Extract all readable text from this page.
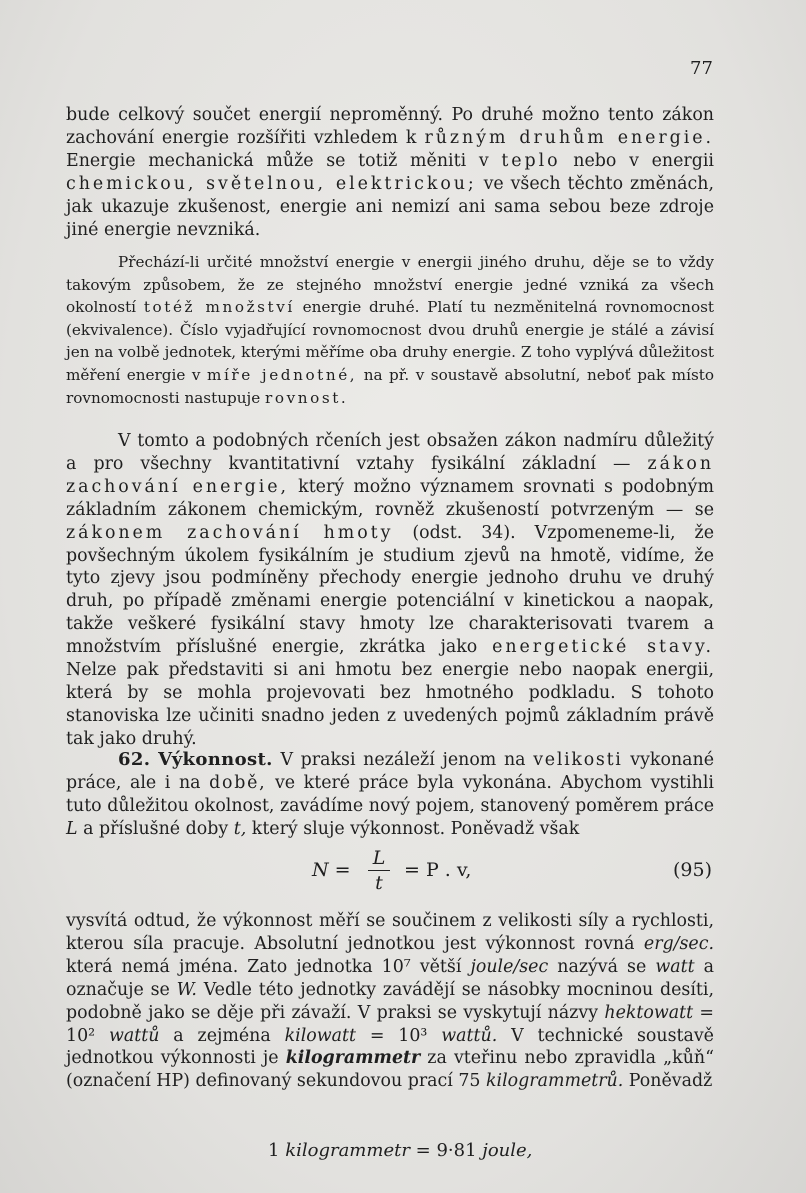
77

bude celkový součet energií neproměnný. Po druhé možno tento zákon zachování energie rozšířiti vzhledem k různým druhům energie. Energie mechanická může se totiž měniti v teplo nebo v energii chemickou, světelnou, elektrickou; ve všech těchto změnách, jak ukazuje zkušenost, energie ani nemizí ani sama sebou beze zdroje jiné energie nevzniká.

Přechází-li určité množství energie v energii jiného druhu, děje se to vždy takovým způsobem, že ze stejného množství energie jedné vzniká za všech okolností totéž množství energie druhé. Platí tu nezměnitelná rovnomocnost (ekvivalence). Číslo vyjadřující rovnomocnost dvou druhů energie je stálé a závisí jen na volbě jednotek, kterými měříme oba druhy energie. Z toho vyplývá důležitost měření energie v míře jednotné, na př. v soustavě absolutní, neboť pak místo rovnomocnosti nastupuje rovnost.

V tomto a podobných rčeních jest obsažen zákon nadmíru důležitý a pro všechny kvantitativní vztahy fysikální základní — zákon zachování energie, který možno významem srovnati s podobným základním zákonem chemickým, rovněž zkušeností potvrzeným — se zákonem zachování hmoty (odst. 34). Vzpomeneme-li, že povšechným úkolem fysikálním je studium zjevů na hmotě, vidíme, že tyto zjevy jsou podmíněny přechody energie jednoho druhu ve druhý druh, po případě změnami energie potenciální v kinetickou a naopak, takže veškeré fysikální stavy hmoty lze charakterisovati tvarem a množstvím příslušné energie, zkrátka jako energetické stavy. Nelze pak představiti si ani hmotu bez energie nebo naopak energii, která by se mohla projevovati bez hmotného podkladu. S tohoto stanoviska lze učiniti snadno jeden z uvedených pojmů základním právě tak jako druhý.

62. Výkonnost. V praksi nezáleží jenom na velikosti vykonané práce, ale i na době, ve které práce byla vykonána. Abychom vystihli tuto důležitou okolnost, zavádíme nový pojem, stanovený poměrem práce L a příslušné doby t, který sluje výkonnost. Poněvadž však

N =
L
t
= P . v,	(95)

vysvítá odtud, že výkonnost měří se součinem z velikosti síly a rychlosti, kterou síla pracuje. Absolutní jednotkou jest výkonnost rovná erg/sec. která nemá jména. Zato jednotka 10⁷ větší joule/sec nazývá se watt a označuje se W. Vedle této jednotky zavádějí se násobky mocninou desíti, podobně jako se děje při závaží. V praksi se vyskytují názvy hektowatt = 10² wattů a zejména kilowatt = 10³ wattů. V technické soustavě jednotkou výkonnosti je kilogrammetr za vteřinu nebo zpravidla „kůň“ (označení HP) definovaný sekundovou prací 75 kilogrammetrů. Poněvadž

1 kilogrammetr = 9·81 joule,
